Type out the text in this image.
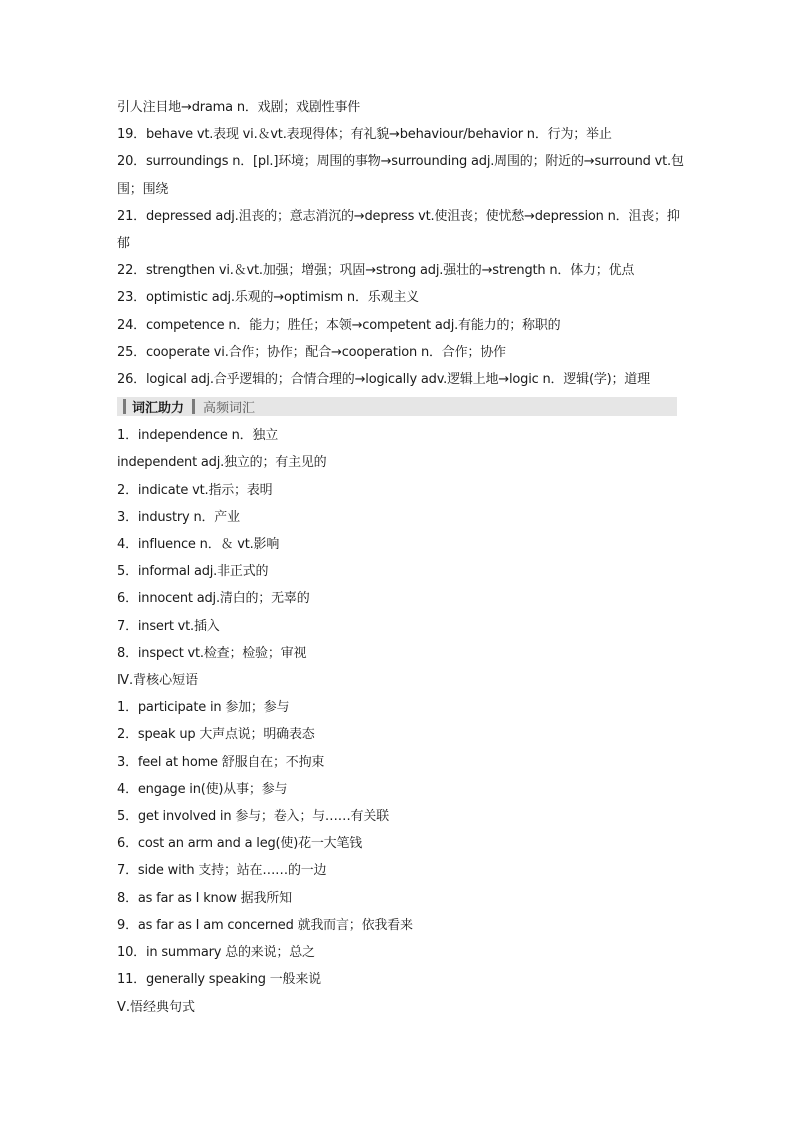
引人注目地→drama n．戏剧；戏剧性事件
19．behave vt.表现 vi.＆vt.表现得体；有礼貌→behaviour/behavior n．行为；举止
20．surroundings n．[pl.]环境；周围的事物→surrounding adj.周围的；附近的→surround vt.包
围；围绕
21．depressed adj.沮丧的；意志消沉的→depress vt.使沮丧；使忧愁→depression n．沮丧；抑
郁
22．strengthen vi.＆vt.加强；增强；巩固→strong adj.强壮的→strength n．体力；优点
23．optimistic adj.乐观的→optimism n．乐观主义
24．competence n．能力；胜任；本领→competent adj.有能力的；称职的
25．cooperate vi.合作；协作；配合→cooperation n．合作；协作
26．logical adj.合乎逻辑的；合情合理的→logically adv.逻辑上地→logic n．逻辑(学)；道理
词汇助力 高频词汇
1．independence n．独立
independent adj.独立的；有主见的
2．indicate vt.指示；表明
3．industry n．产业
4．influence n．＆ vt.影响
5．informal adj.非正式的
6．innocent adj.清白的；无辜的
7．insert vt.插入
8．inspect vt.检查；检验；审视
Ⅳ.背核心短语
1．participate in 参加；参与
2．speak up 大声点说；明确表态
3．feel at home 舒服自在；不拘束
4．engage in(使)从事；参与
5．get involved in 参与；卷入；与……有关联
6．cost an arm and a leg(使)花一大笔钱
7．side with 支持；站在……的一边
8．as far as I know 据我所知
9．as far as I am concerned 就我而言；依我看来
10．in summary 总的来说；总之
11．generally speaking 一般来说
Ⅴ.悟经典句式
